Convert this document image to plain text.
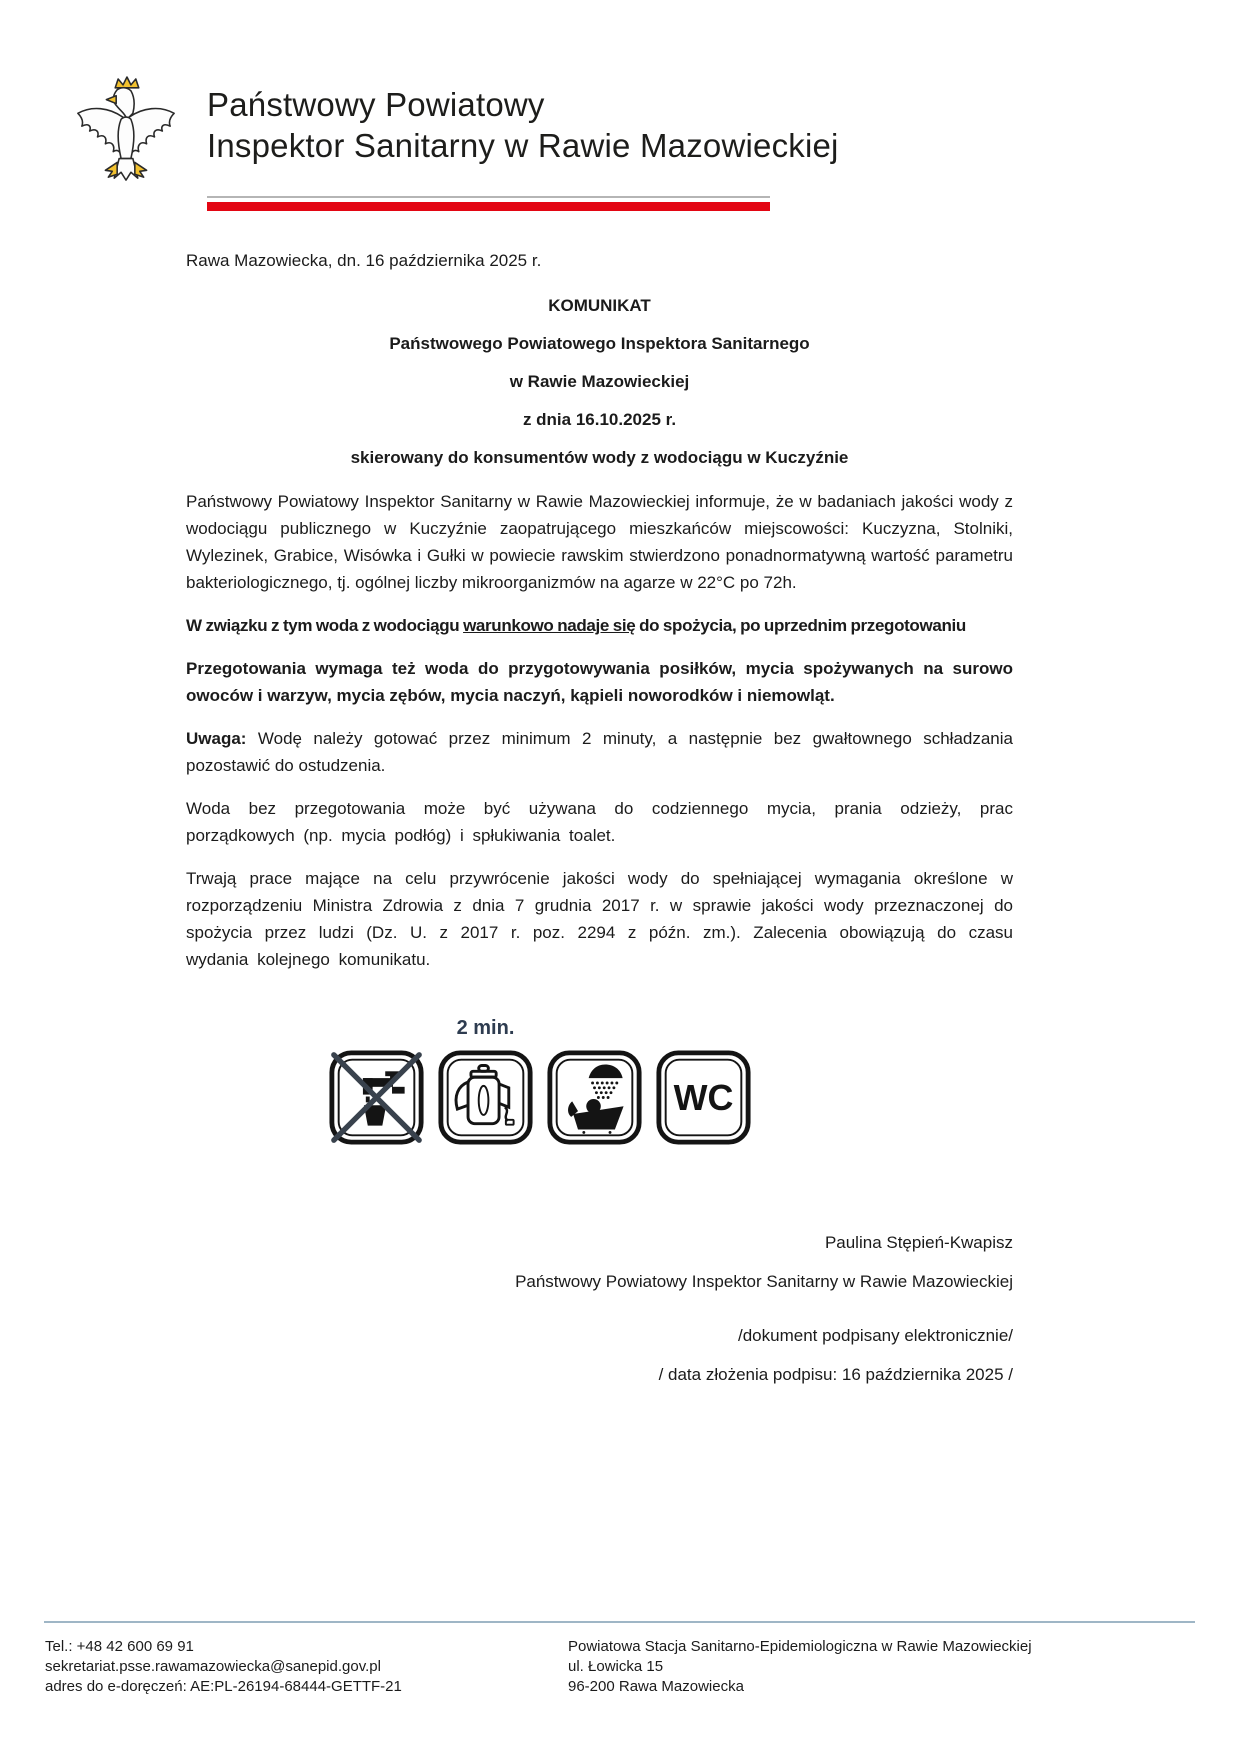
Państwowy Powiatowy
Inspektor Sanitarny w Rawie Mazowieckiej

Rawa Mazowiecka, dn. 16 października 2025 r.

KOMUNIKAT

Państwowego Powiatowego Inspektora Sanitarnego

w Rawie Mazowieckiej

z dnia 16.10.2025 r.

skierowany do konsumentów wody z wodociągu w Kuczyźnie

Państwowy Powiatowy Inspektor Sanitarny w Rawie Mazowieckiej informuje, że w badaniach jakości wody z wodociągu publicznego w Kuczyźnie zaopatrującego mieszkańców miejscowości: Kuczyzna, Stolniki, Wylezinek, Grabice, Wisówka i Gułki w powiecie rawskim stwierdzono ponadnormatywną wartość parametru bakteriologicznego, tj. ogólnej liczby mikroorganizmów na agarze w 22°C po 72h.

W związku z tym woda z wodociągu warunkowo nadaje się do spożycia, po uprzednim przegotowaniu

Przegotowania wymaga też woda do przygotowywania posiłków, mycia spożywanych na surowo owoców i warzyw, mycia zębów, mycia naczyń, kąpieli noworodków i niemowląt.

Uwaga: Wodę należy gotować przez minimum 2 minuty, a następnie bez gwałtownego schładzania pozostawić do ostudzenia.

Woda bez przegotowania może być używana do codziennego mycia, prania odzieży, prac porządkowych (np. mycia podłóg) i spłukiwania toalet.

Trwają prace mające na celu przywrócenie jakości wody do spełniającej wymagania określone w rozporządzeniu Ministra Zdrowia z dnia 7 grudnia 2017 r. w sprawie jakości wody przeznaczonej do spożycia przez ludzi (Dz. U. z 2017 r. poz. 2294 z późn. zm.). Zalecenia obowiązują do czasu wydania kolejnego komunikatu.

2 min.
WC

Paulina Stępień-Kwapisz

Państwowy Powiatowy Inspektor Sanitarny w Rawie Mazowieckiej

/dokument podpisany elektronicznie/

/ data złożenia podpisu: 16 października 2025 /

Tel.: +48 42 600 69 91

sekretariat.psse.rawamazowiecka@sanepid.gov.pl

adres do e-doręczeń: AE:PL-26194-68444-GETTF-21

Powiatowa Stacja Sanitarno-Epidemiologiczna w Rawie Mazowieckiej

ul. Łowicka 15

96-200 Rawa Mazowiecka
